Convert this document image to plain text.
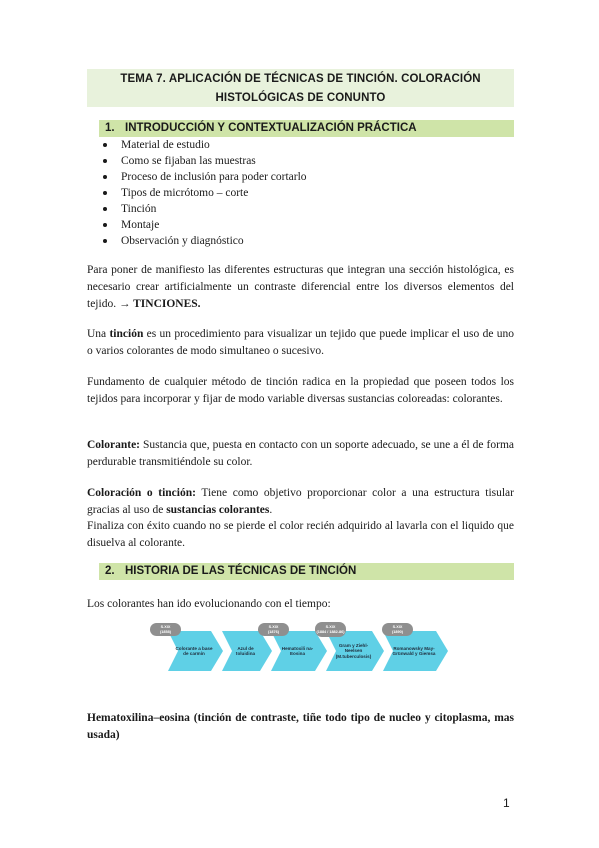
TEMA 7. APLICACIÓN DE TÉCNICAS DE TINCIÓN. COLORACIÓN
HISTOLÓGICAS DE CONUNTO
1. INTRODUCCIÓN Y CONTEXTUALIZACIÓN PRÁCTICA
Material de estudio
Como se fijaban las muestras
Proceso de inclusión para poder cortarlo
Tipos de micrótomo – corte
Tinción
Montaje
Observación y diagnóstico
Para poner de manifiesto las diferentes estructuras que integran una sección histológica, es necesario crear artificialmente un contraste diferencial entre los diversos elementos del tejido. → TINCIONES.
Una tinción es un procedimiento para visualizar un tejido que puede implicar el uso de uno o varios colorantes de modo simultaneo o sucesivo.
Fundamento de cualquier método de tinción radica en la propiedad que poseen todos los tejidos para incorporar y fijar de modo variable diversas sustancias coloreadas: colorantes.
Colorante: Sustancia que, puesta en contacto con un soporte adecuado, se une a él de forma perdurable transmitiéndole su color.
Coloración o tinción: Tiene como objetivo proporcionar color a una estructura tisular gracias al uso de sustancias colorantes.
Finaliza con éxito cuando no se pierde el color recién adquirido al lavarla con el liquido que disuelva al colorante.
2. HISTORIA DE LAS TÉCNICAS DE TINCIÓN
Los colorantes han ido evolucionando con el tiempo:
Colorante a base de carmín
Azul de toluidina
Hematoxili na-Eosina
Gram y Ziehl-Neelsen (M.tuberculosis)
Romanowsky May-Grünwald y Giemsa
S.XIX
(1858)
S.XIX
(1876)
S.XIX
(1884 / 1882-86)
S.XIX
(1890)
Hematoxilina–eosina (tinción de contraste, tiñe todo tipo de nucleo y citoplasma, mas usada)
1
